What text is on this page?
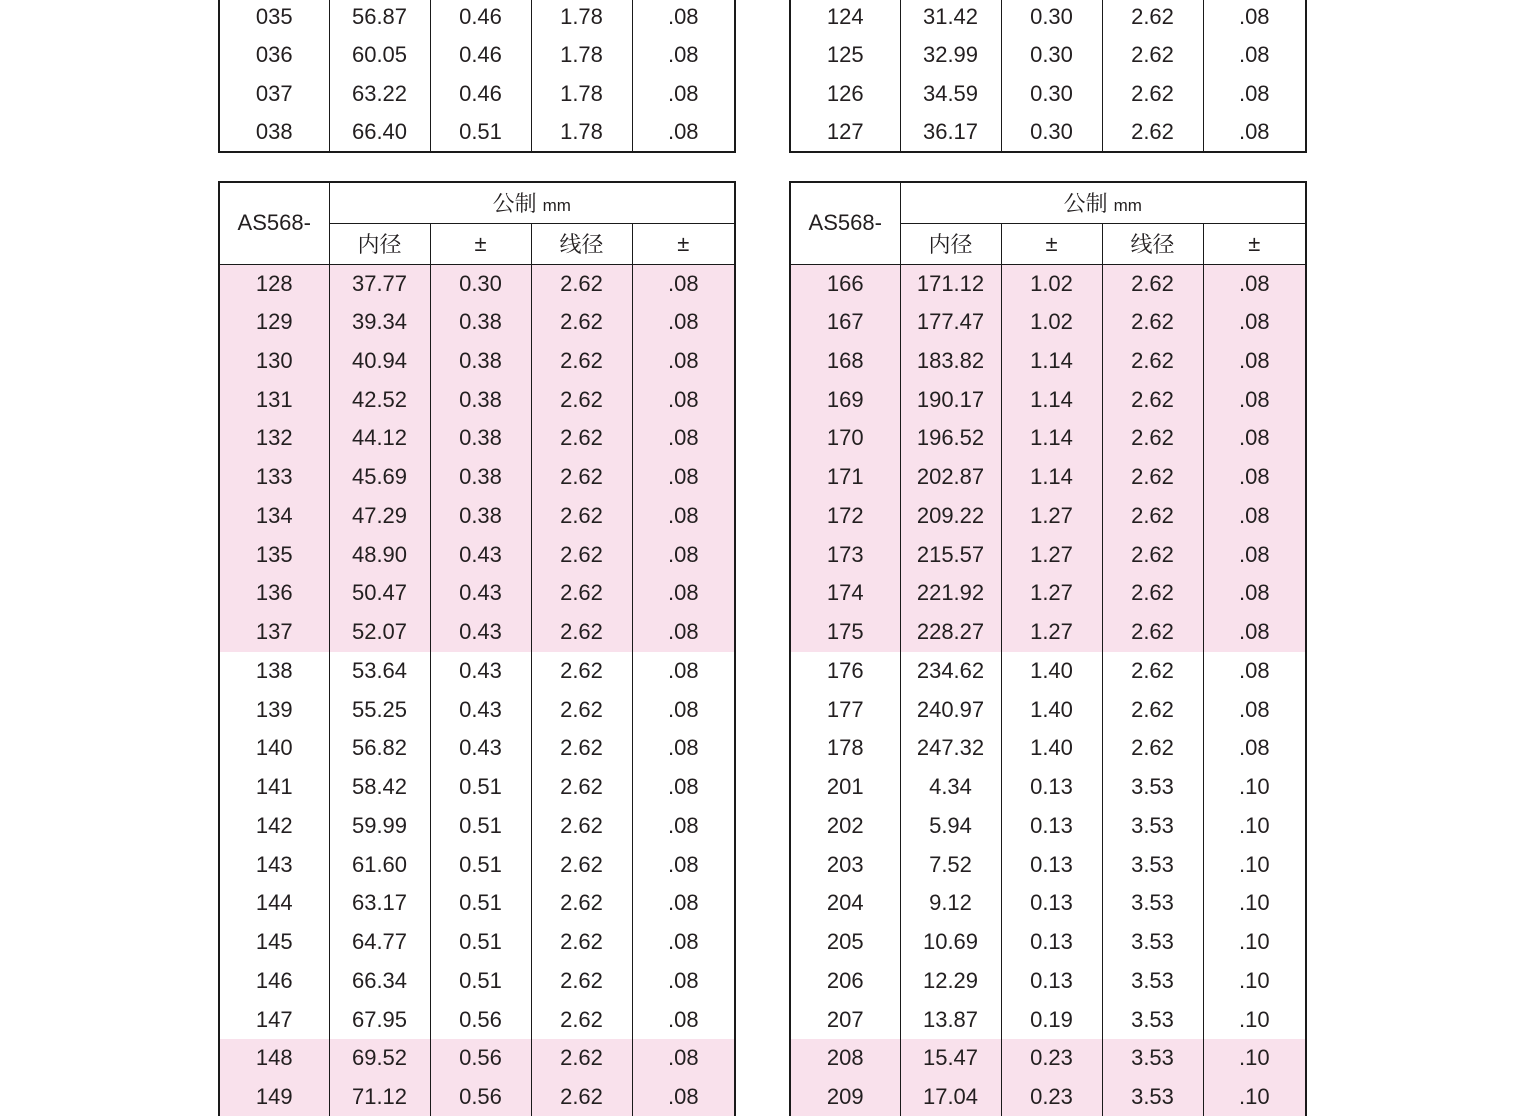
035	56.87	0.46	1.78	.08
036	60.05	0.46	1.78	.08
037	63.22	0.46	1.78	.08
038	66.40	0.51	1.78	.08
124	31.42	0.30	2.62	.08
125	32.99	0.30	2.62	.08
126	34.59	0.30	2.62	.08
127	36.17	0.30	2.62	.08
AS568-	公制 mm			
	内径	±	线径	±
128	37.77	0.30	2.62	.08
129	39.34	0.38	2.62	.08
130	40.94	0.38	2.62	.08
131	42.52	0.38	2.62	.08
132	44.12	0.38	2.62	.08
133	45.69	0.38	2.62	.08
134	47.29	0.38	2.62	.08
135	48.90	0.43	2.62	.08
136	50.47	0.43	2.62	.08
137	52.07	0.43	2.62	.08
138	53.64	0.43	2.62	.08
139	55.25	0.43	2.62	.08
140	56.82	0.43	2.62	.08
141	58.42	0.51	2.62	.08
142	59.99	0.51	2.62	.08
143	61.60	0.51	2.62	.08
144	63.17	0.51	2.62	.08
145	64.77	0.51	2.62	.08
146	66.34	0.51	2.62	.08
147	67.95	0.56	2.62	.08
148	69.52	0.56	2.62	.08
149	71.12	0.56	2.62	.08
AS568-	公制 mm			
	内径	±	线径	±
166	171.12	1.02	2.62	.08
167	177.47	1.02	2.62	.08
168	183.82	1.14	2.62	.08
169	190.17	1.14	2.62	.08
170	196.52	1.14	2.62	.08
171	202.87	1.14	2.62	.08
172	209.22	1.27	2.62	.08
173	215.57	1.27	2.62	.08
174	221.92	1.27	2.62	.08
175	228.27	1.27	2.62	.08
176	234.62	1.40	2.62	.08
177	240.97	1.40	2.62	.08
178	247.32	1.40	2.62	.08
201	4.34	0.13	3.53	.10
202	5.94	0.13	3.53	.10
203	7.52	0.13	3.53	.10
204	9.12	0.13	3.53	.10
205	10.69	0.13	3.53	.10
206	12.29	0.13	3.53	.10
207	13.87	0.19	3.53	.10
208	15.47	0.23	3.53	.10
209	17.04	0.23	3.53	.10
